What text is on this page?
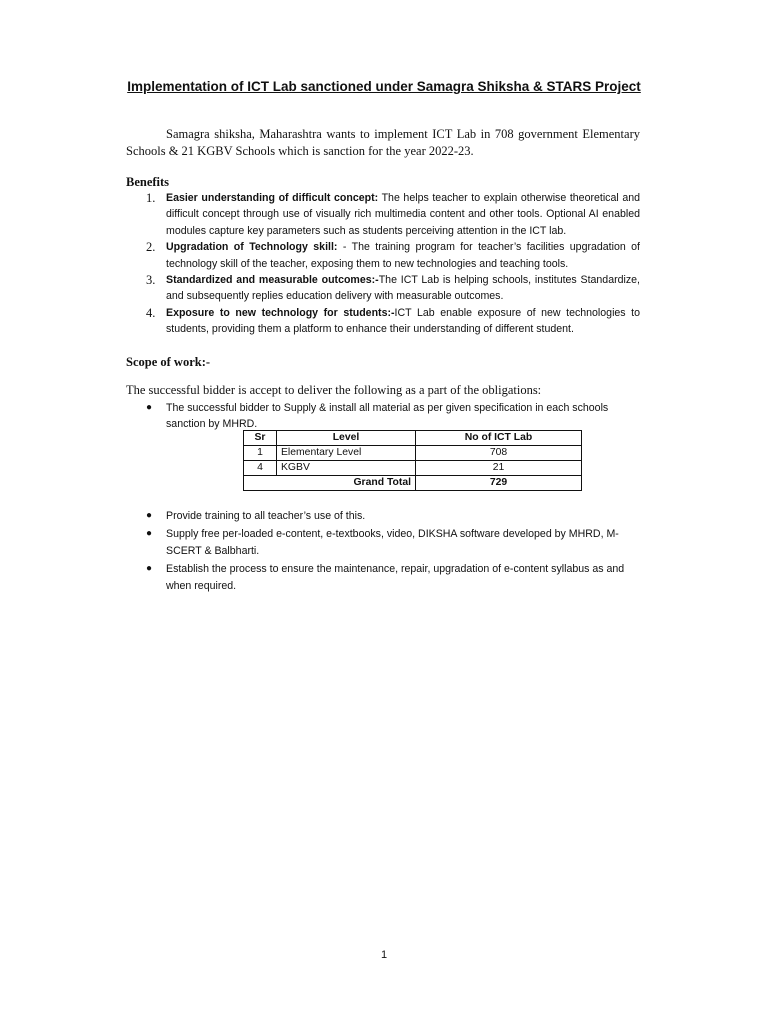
Implementation of ICT Lab sanctioned under Samagra Shiksha & STARS Project
Samagra shiksha, Maharashtra wants to implement ICT Lab in 708 government Elementary Schools & 21 KGBV Schools which is sanction for the year 2022-23.
Benefits
1. Easier understanding of difficult concept: The helps teacher to explain otherwise theoretical and difficult concept through use of visually rich multimedia content and other tools. Optional AI enabled modules capture key parameters such as students perceiving attention in the ICT lab.
2. Upgradation of Technology skill: - The training program for teacher’s facilities upgradation of technology skill of the teacher, exposing them to new technologies and teaching tools.
3. Standardized and measurable outcomes:-The ICT Lab is helping schools, institutes Standardize, and subsequently replies education delivery with measurable outcomes.
4. Exposure to new technology for students:-ICT Lab enable exposure of new technologies to students, providing them a platform to enhance their understanding of different student.
Scope of work:-
The successful bidder is accept to deliver the following as a part of the obligations:
● The successful bidder to Supply & install all material as per given specification in each schools sanction by MHRD.
Sr	Level	No of ICT Lab
1	Elementary Level	708
4	KGBV	21
Grand Total		729
● Provide training to all teacher’s use of this.
● Supply free per-loaded e-content, e-textbooks, video, DIKSHA software developed by MHRD, M-SCERT & Balbharti.
● Establish the process to ensure the maintenance, repair, upgradation of e-content syllabus as and when required.
1
